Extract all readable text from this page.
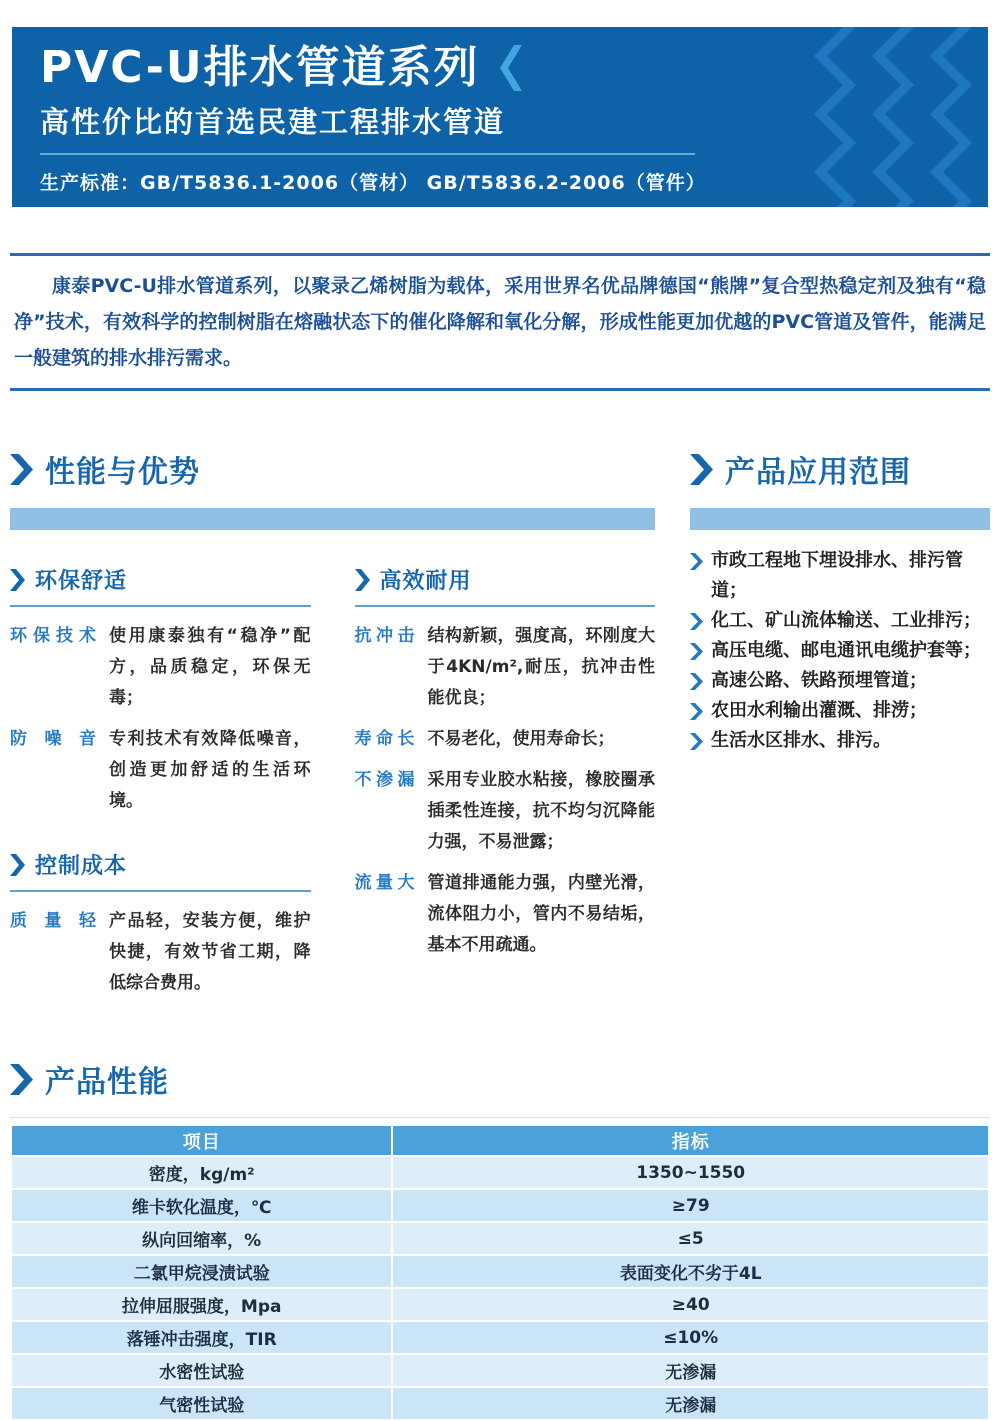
PVC-U排水管道系列
高性价比的首选民建工程排水管道
生产标准：GB/T5836.1-2006（管材） GB/T5836.2-2006（管件）

康泰PVC-U排水管道系列，以聚录乙烯树脂为载体，采用世界名优品牌德国“熊牌”复合型热稳定剂及独有“稳净”技术，有效科学的控制树脂在熔融状态下的催化降解和氧化分解，形成性能更加优越的PVC管道及管件，能满足一般建筑的排水排污需求。

性能与优势
环保舒适
环保技术 使用康泰独有“稳净”配方，品质稳定，环保无毒；
防噪音 专利技术有效降低噪音，创造更加舒适的生活环境。
控制成本
质量轻 产品轻，安装方便，维护快捷，有效节省工期，降低综合费用。
高效耐用
抗冲击 结构新颖，强度高，环刚度大于4KN/m²,耐压，抗冲击性能优良；
寿命长 不易老化，使用寿命长；
不渗漏 采用专业胶水粘接，橡胶圈承插柔性连接，抗不均匀沉降能力强，不易泄露；
流量大 管道排通能力强，内壁光滑，流体阻力小，管内不易结垢，基本不用疏通。
产品应用范围
市政工程地下埋设排水、排污管道；
化工、矿山流体输送、工业排污；
高压电缆、邮电通讯电缆护套等；
高速公路、铁路预埋管道；
农田水利输出灌溉、排涝；
生活水区排水、排污。
产品性能
项目	指标
密度，kg/m²	1350~1550
维卡软化温度，℃	≥79
纵向回缩率，%	≤5
二氯甲烷浸渍试验	表面变化不劣于4L
拉伸屈服强度，Mpa	≥40
落锤冲击强度，TIR	≤10%
水密性试验	无渗漏
气密性试验	无渗漏
